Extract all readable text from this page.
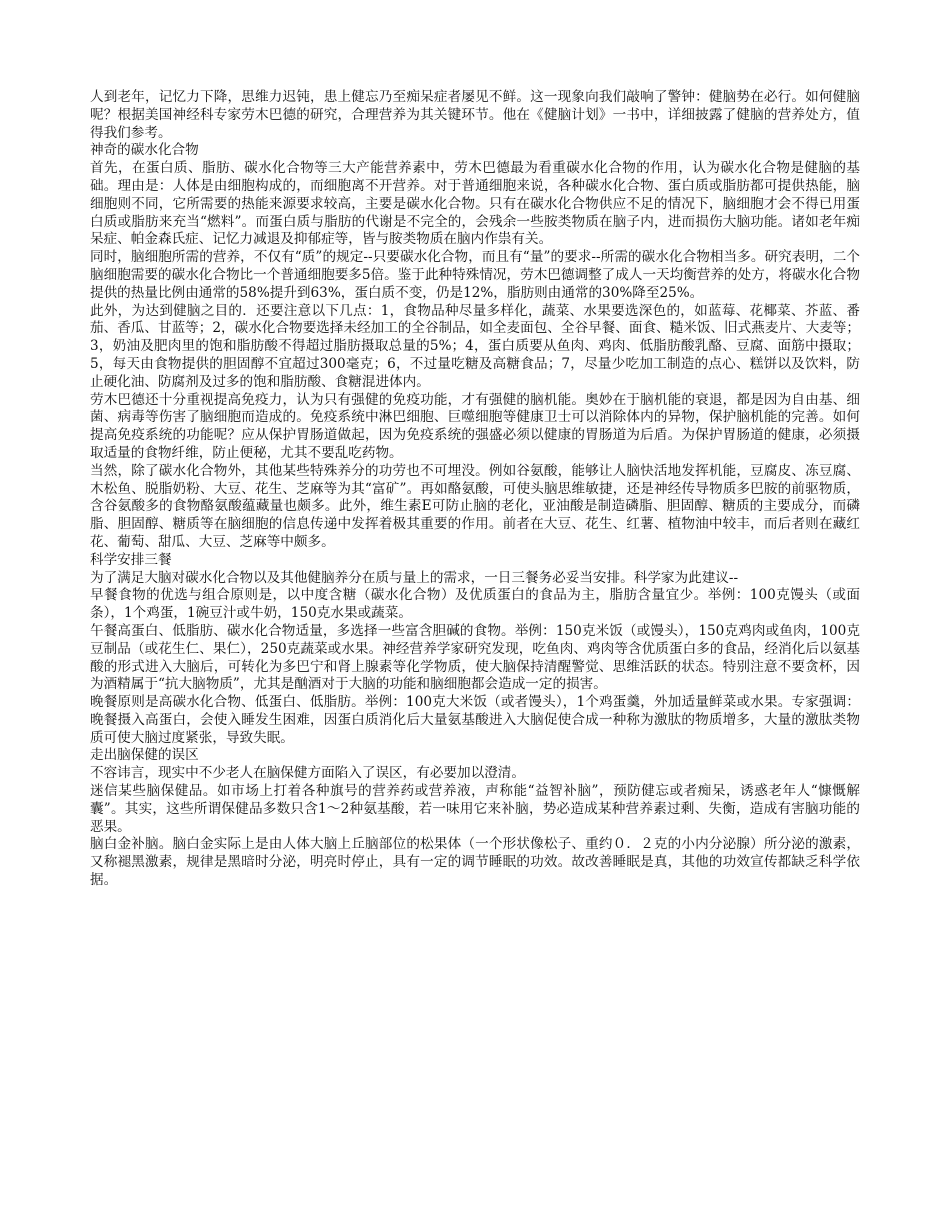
人到老年，记忆力下降，思维力迟钝，患上健忘乃至痴呆症者屡见不鲜。这一现象向我们敲响了警钟：健脑势在必行。如何健脑呢？根据美国神经科专家劳木巴德的研究，合理营养为其关键环节。他在《健脑计划》一书中，详细披露了健脑的营养处方，值得我们参考。
神奇的碳水化合物
首先，在蛋白质、脂肪、碳水化合物等三大产能营养素中，劳木巴德最为看重碳水化合物的作用，认为碳水化合物是健脑的基础。理由是：人体是由细胞构成的，而细胞离不开营养。对于普通细胞来说，各种碳水化合物、蛋白质或脂肪都可提供热能，脑细胞则不同，它所需要的热能来源要求较高，主要是碳水化合物。只有在碳水化合物供应不足的情况下，脑细胞才会不得已用蛋白质或脂肪来充当“燃料”。而蛋白质与脂肪的代谢是不完全的，会残余一些胺类物质在脑子内，进而损伤大脑功能。诸如老年痴呆症、帕金森氏症、记忆力减退及抑郁症等，皆与胺类物质在脑内作祟有关。
同时，脑细胞所需的营养，不仅有“质”的规定--只要碳水化合物，而且有“量”的要求--所需的碳水化合物相当多。研究表明，二个脑细胞需要的碳水化合物比一个普通细胞要多5倍。鉴于此种特殊情况，劳木巴德调整了成人一天均衡营养的处方，将碳水化合物提供的热量比例由通常的58%提升到63%，蛋白质不变，仍是12%，脂肪则由通常的30%降至25%。
此外，为达到健脑之目的．还要注意以下几点：1，食物品种尽量多样化，蔬菜、水果要选深色的，如蓝莓、花椰菜、芥蓝、番茄、香瓜、甘蓝等；2，碳水化合物要选择未经加工的全谷制品，如全麦面包、全谷早餐、面食、糙米饭、旧式燕麦片、大麦等；3，奶油及肥肉里的饱和脂肪酸不得超过脂肪摄取总量的5%；4，蛋白质要从鱼肉、鸡肉、低脂肪酸乳酪、豆腐、面筋中摄取；5，每天由食物提供的胆固醇不宜超过300毫克；6，不过量吃糖及高糖食品；7，尽量少吃加工制造的点心、糕饼以及饮料，防止硬化油、防腐剂及过多的饱和脂肪酸、食糖混进体内。
劳木巴德还十分重视提高免疫力，认为只有强健的免疫功能，才有强健的脑机能。奥妙在于脑机能的衰退，都是因为自由基、细菌、病毒等伤害了脑细胞而造成的。免疫系统中淋巴细胞、巨噬细胞等健康卫士可以消除体内的异物，保护脑机能的完善。如何提高免疫系统的功能呢？应从保护胃肠道做起，因为免疫系统的强盛必须以健康的胃肠道为后盾。为保护胃肠道的健康，必须摄取适量的食物纤维，防止便秘，尤其不要乱吃药物。
当然，除了碳水化合物外，其他某些特殊养分的功劳也不可埋没。例如谷氨酸，能够让人脑快活地发挥机能，豆腐皮、冻豆腐、木松鱼、脱脂奶粉、大豆、花生、芝麻等为其“富矿”。再如酪氨酸，可使头脑思维敏捷，还是神经传导物质多巴胺的前驱物质，含谷氨酸多的食物酪氨酸蕴藏量也颇多。此外，维生素E可防止脑的老化，亚油酸是制造磷脂、胆固醇、糖质的主要成分，而磷脂、胆固醇、糖质等在脑细胞的信息传递中发挥着极其重要的作用。前者在大豆、花生、红薯、植物油中较丰，而后者则在藏红花、葡萄、甜瓜、大豆、芝麻等中颇多。
科学安排三餐
为了满足大脑对碳水化合物以及其他健脑养分在质与量上的需求，一日三餐务必妥当安排。科学家为此建议--
早餐食物的优选与组合原则是，以中度含糖（碳水化合物）及优质蛋白的食品为主，脂肪含量宜少。举例：100克馒头（或面条），1个鸡蛋，1碗豆汁或牛奶，150克水果或蔬菜。
午餐高蛋白、低脂肪、碳水化合物适量，多选择一些富含胆碱的食物。举例：150克米饭（或馒头），150克鸡肉或鱼肉，100克豆制品（或花生仁、果仁），250克蔬菜或水果。神经营养学家研究发现，吃鱼肉、鸡肉等含优质蛋白多的食品，经消化后以氨基酸的形式进入大脑后，可转化为多巴宁和肾上腺素等化学物质，使大脑保持清醒警觉、思维活跃的状态。特别注意不要贪杯，因为酒精属于“抗大脑物质”，尤其是酗酒对于大脑的功能和脑细胞都会造成一定的损害。
晚餐原则是高碳水化合物、低蛋白、低脂肪。举例：100克大米饭（或者馒头），1个鸡蛋羹，外加适量鲜菜或水果。专家强调：晚餐摄入高蛋白，会使入睡发生困难，因蛋白质消化后大量氨基酸进入大脑促使合成一种称为激肽的物质增多，大量的激肽类物质可使大脑过度紧张，导致失眠。
走出脑保健的误区
不容讳言，现实中不少老人在脑保健方面陷入了误区，有必要加以澄清。
迷信某些脑保健品。如市场上打着各种旗号的营养药或营养液，声称能“益智补脑”，预防健忘或者痴呆，诱惑老年人“慷慨解囊”。其实，这些所谓保健品多数只含1～2种氨基酸，若一味用它来补脑，势必造成某种营养素过剩、失衡，造成有害脑功能的恶果。
脑白金补脑。脑白金实际上是由人体大脑上丘脑部位的松果体（一个形状像松子、重约０．２克的小内分泌腺）所分泌的激素，又称褪黑激素，规律是黑暗时分泌，明亮时停止，具有一定的调节睡眠的功效。故改善睡眠是真，其他的功效宣传都缺乏科学依据。
